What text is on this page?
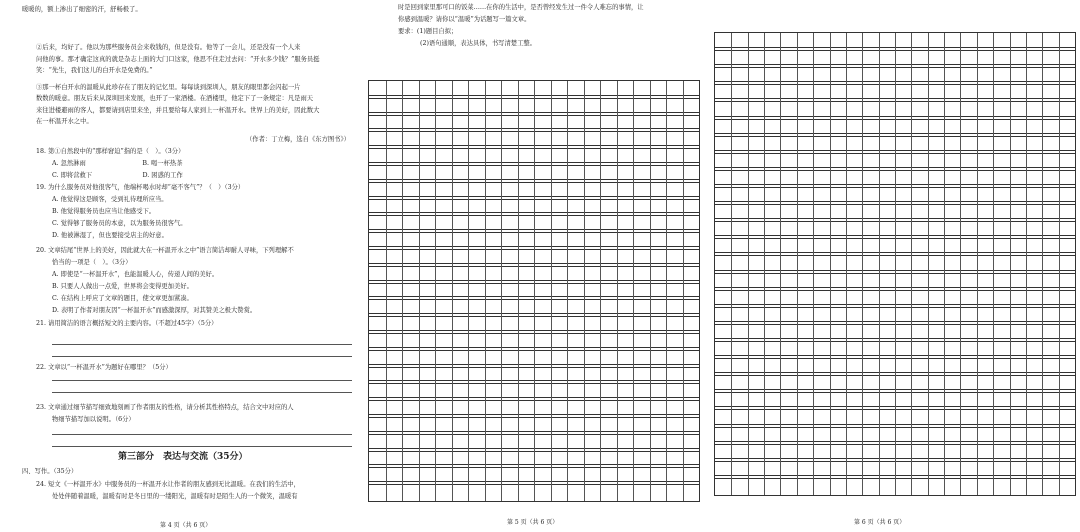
暖暖的，额上渗出了细密的汗，舒畅极了。
②后来，均好了。他以为那些服务员会来收钱的，但是没有。他等了一会儿，还是没有一个人来
问他的事。那才确定这真的就是杂志上面的大门口这家，他思不住走过去问：“开水多少钱？”服务员挺
笑：“先生，我们这儿的白开水是免费的。”
③那一杯白开水的温暖从此珍存在了朋友的记忆里。每每谈到深圳人，朋友的眼里都会闪起一片
数数的暖意。朋友后来从深圳回来发展，也开了一家酒楼。在酒楼里，他定下了一条规定：凡是雨天
来往进楼避雨的客人，都要请到店里来坐，并且要给每人家到上一杯温开水。世界上的美好，因此数大
在一杯温开水之中。
（作者：丁立梅，选自《东方图书》）
18. 第①自然段中的“那样窘迫”指的是（　）。（3分）
A. 忽然淋雨　　　　　　　　　B. 喝一杯热茶
C. 即将营救下　　　　　　　　D. 困惑的工作
19. 为什么服务员对他很客气，他端杯喝水时却“毫不客气”？（　）（3分）
A. 他觉得这是顾客，受到礼待理所应当。
B. 他觉得服务员也应当让他感受下。
C. 觉得够了服务员的本意，以为服务员很客气。
D. 他被淋湿了，但也要接受店主的好意。
20. 文章结尾“世界上的美好，因此就大在一杯温开水之中”语言简洁却耐人寻味，下列理解不
恰当的一项是（　）。（3分）
A. 即使是“一杯温开水”，也能温暖人心，传递人间的美好。
B. 只要人人做出一点爱，世界将会变得更加美好。
C. 在结构上呼应了文章的题目，使文章更加紧凑。
D. 表明了作者对朋友因“一杯温开水”而感激深厚，对其赞美之极大赞赏。
21. 请用简洁的语言概括短文的主要内容。（不超过45字）（5分）
22. 文章以“一杯温开水”为题好在哪里？（5分）
23. 文章通过细节描写细致地刻画了作者朋友的性格，请分析其性格特点，结合文中对应的人
物细节描写加以说明。（6分）
四、写作。（35分）
24. 短文《一杯温开水》中服务员的一杯温开水让作者的朋友感到无比温暖。在我们的生活中，
处处伴随着温暖，温暖有时是冬日里的一缕阳光，温暖有时是陌生人的一个微笑，温暖有
第三部分　表达与交流（35分）
第 4 页（共 6 页）
时是回到家里那可口的饭菜……在你的生活中，是否曾经发生过一件令人难忘的事情，让
你感到温暖？请你以“温暖”为话题写一篇文章。
要求：(1)题目自拟；
(2)语句通顺，表达具体，书写清楚工整。
第 5 页（共 6 页）	第 6 页（共 6 页）
